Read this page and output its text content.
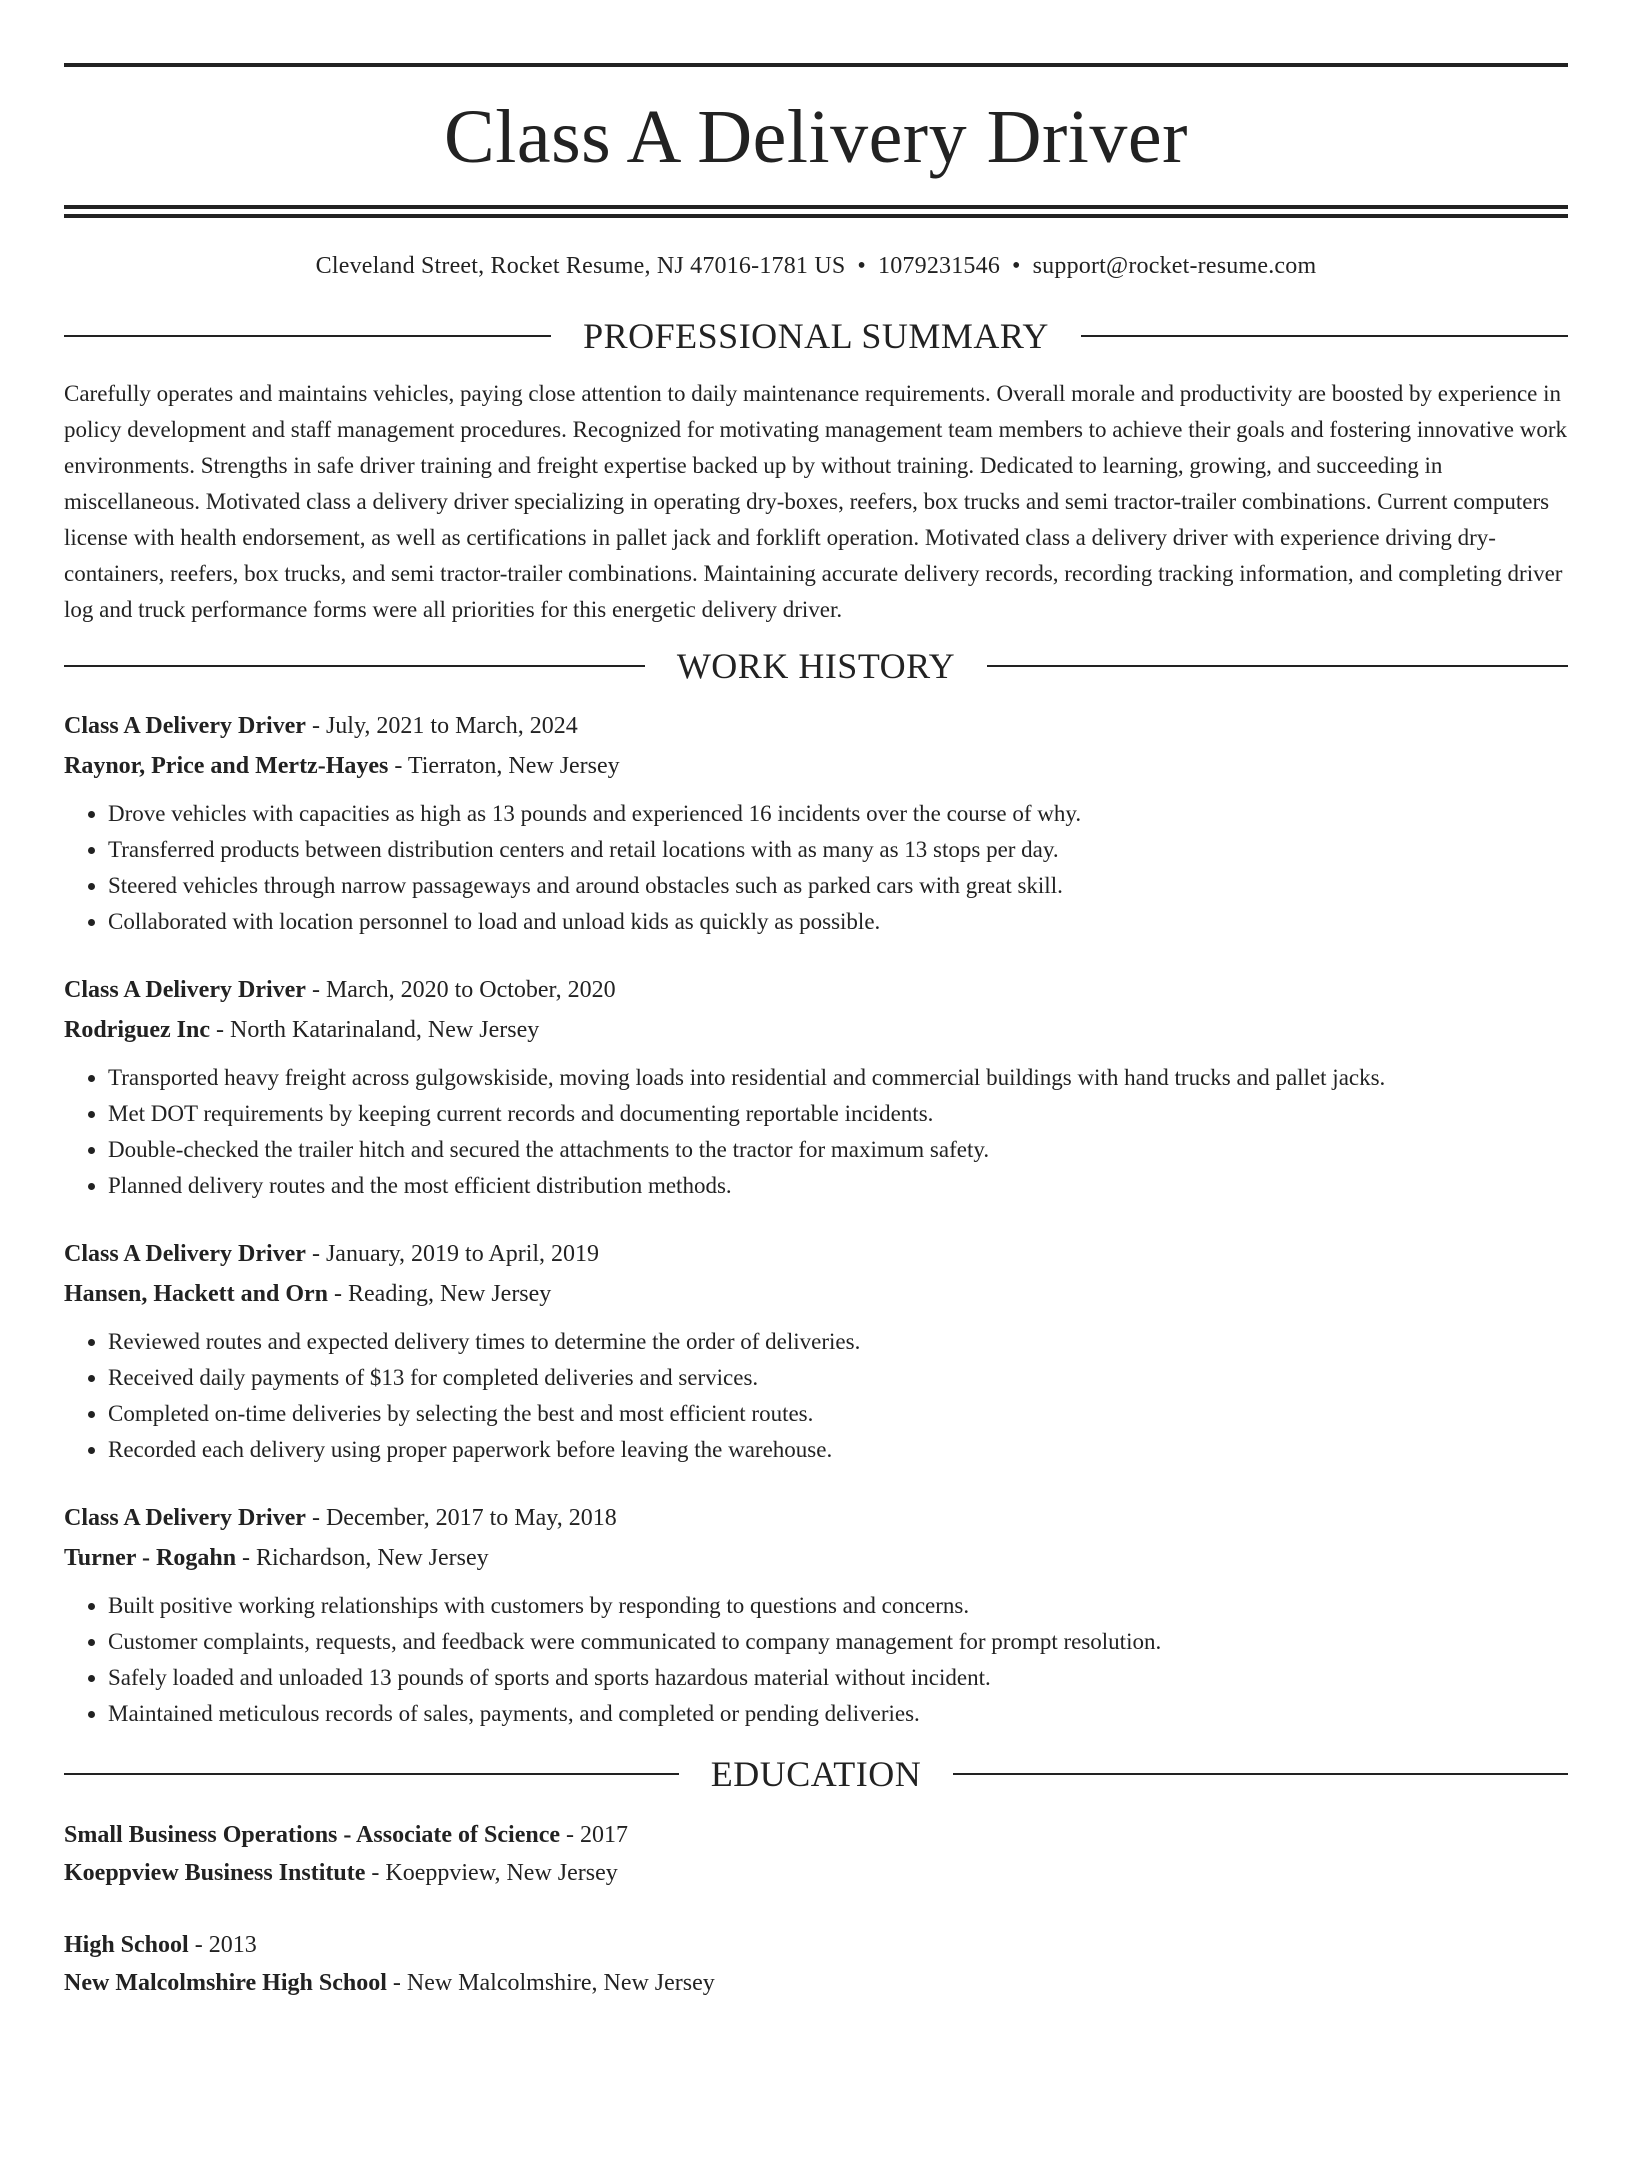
Class A Delivery Driver
Cleveland Street, Rocket Resume, NJ 47016-1781 US • 1079231546 • support@rocket-resume.com
PROFESSIONAL SUMMARY
Carefully operates and maintains vehicles, paying close attention to daily maintenance requirements. Overall morale and productivity are boosted by experience in policy development and staff management procedures. Recognized for motivating management team members to achieve their goals and fostering innovative work environments. Strengths in safe driver training and freight expertise backed up by without training. Dedicated to learning, growing, and succeeding in miscellaneous. Motivated class a delivery driver specializing in operating dry-boxes, reefers, box trucks and semi tractor-trailer combinations. Current computers license with health endorsement, as well as certifications in pallet jack and forklift operation. Motivated class a delivery driver with experience driving dry-containers, reefers, box trucks, and semi tractor-trailer combinations. Maintaining accurate delivery records, recording tracking information, and completing driver log and truck performance forms were all priorities for this energetic delivery driver.
WORK HISTORY
Class A Delivery Driver - July, 2021 to March, 2024
Raynor, Price and Mertz-Hayes - Tierraton, New Jersey
• Drove vehicles with capacities as high as 13 pounds and experienced 16 incidents over the course of why.
• Transferred products between distribution centers and retail locations with as many as 13 stops per day.
• Steered vehicles through narrow passageways and around obstacles such as parked cars with great skill.
• Collaborated with location personnel to load and unload kids as quickly as possible.
Class A Delivery Driver - March, 2020 to October, 2020
Rodriguez Inc - North Katarinaland, New Jersey
• Transported heavy freight across gulgowskiside, moving loads into residential and commercial buildings with hand trucks and pallet jacks.
• Met DOT requirements by keeping current records and documenting reportable incidents.
• Double-checked the trailer hitch and secured the attachments to the tractor for maximum safety.
• Planned delivery routes and the most efficient distribution methods.
Class A Delivery Driver - January, 2019 to April, 2019
Hansen, Hackett and Orn - Reading, New Jersey
• Reviewed routes and expected delivery times to determine the order of deliveries.
• Received daily payments of $13 for completed deliveries and services.
• Completed on-time deliveries by selecting the best and most efficient routes.
• Recorded each delivery using proper paperwork before leaving the warehouse.
Class A Delivery Driver - December, 2017 to May, 2018
Turner - Rogahn - Richardson, New Jersey
• Built positive working relationships with customers by responding to questions and concerns.
• Customer complaints, requests, and feedback were communicated to company management for prompt resolution.
• Safely loaded and unloaded 13 pounds of sports and sports hazardous material without incident.
• Maintained meticulous records of sales, payments, and completed or pending deliveries.
EDUCATION
Small Business Operations - Associate of Science - 2017
Koeppview Business Institute - Koeppview, New Jersey
High School - 2013
New Malcolmshire High School - New Malcolmshire, New Jersey
